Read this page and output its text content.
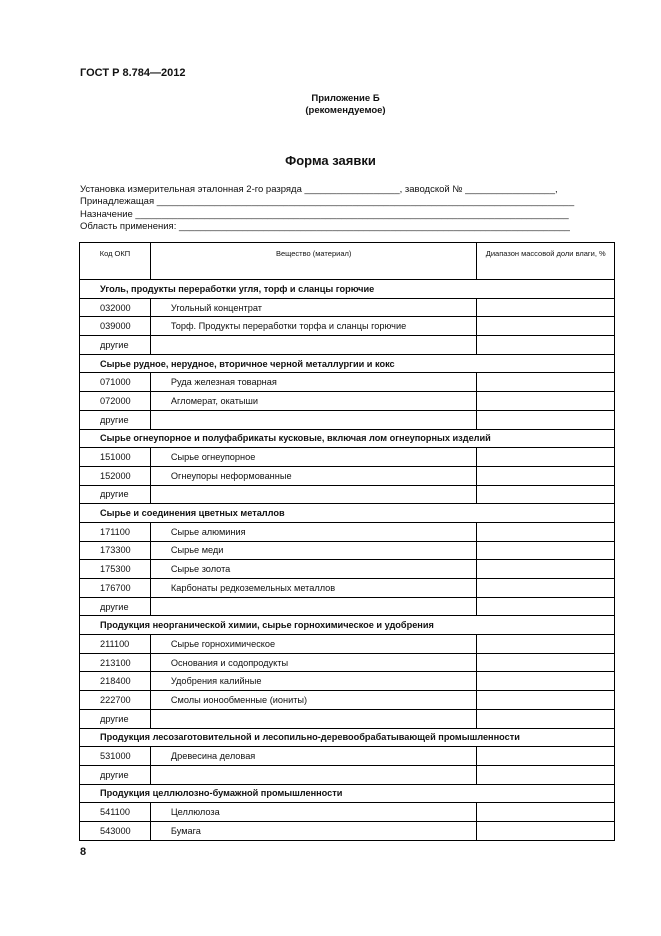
ГОСТ Р 8.784—2012
Приложение Б
(рекомендуемое)
Форма заявки
Установка измерительная эталонная 2-го разряда __________________, заводской № _________________,
Принадлежащая _______________________________________________________________________________
Назначение __________________________________________________________________________________
Область применения: __________________________________________________________________________
Код ОКП	Вещество (материал)	Диапазон массовой доли влаги, %
Уголь, продукты переработки угля, торф и сланцы горючие		
032000	Угольный концентрат	
039000	Торф. Продукты переработки торфа и сланцы горючие	
другие		
Сырье рудное, нерудное, вторичное черной металлургии и кокс		
071000	Руда железная товарная	
072000	Агломерат, окатыши	
другие		
Сырье огнеупорное и полуфабрикаты кусковые, включая лом огнеупорных изделий		
151000	Сырье огнеупорное	
152000	Огнеупоры неформованные	
другие		
Сырье и соединения цветных металлов		
171100	Сырье алюминия	
173300	Сырье меди	
175300	Сырье золота	
176700	Карбонаты редкоземельных металлов	
другие		
Продукция неорганической химии, сырье горнохимическое и удобрения		
211100	Сырье горнохимическое	
213100	Основания и содопродукты	
218400	Удобрения калийные	
222700	Смолы ионообменные (иониты)	
другие		
Продукция лесозаготовительной и лесопильно-деревообрабатывающей промышленности		
531000	Древесина деловая	
другие		
Продукция целлюлозно-бумажной промышленности		
541100	Целлюлоза	
543000	Бумага	
8
